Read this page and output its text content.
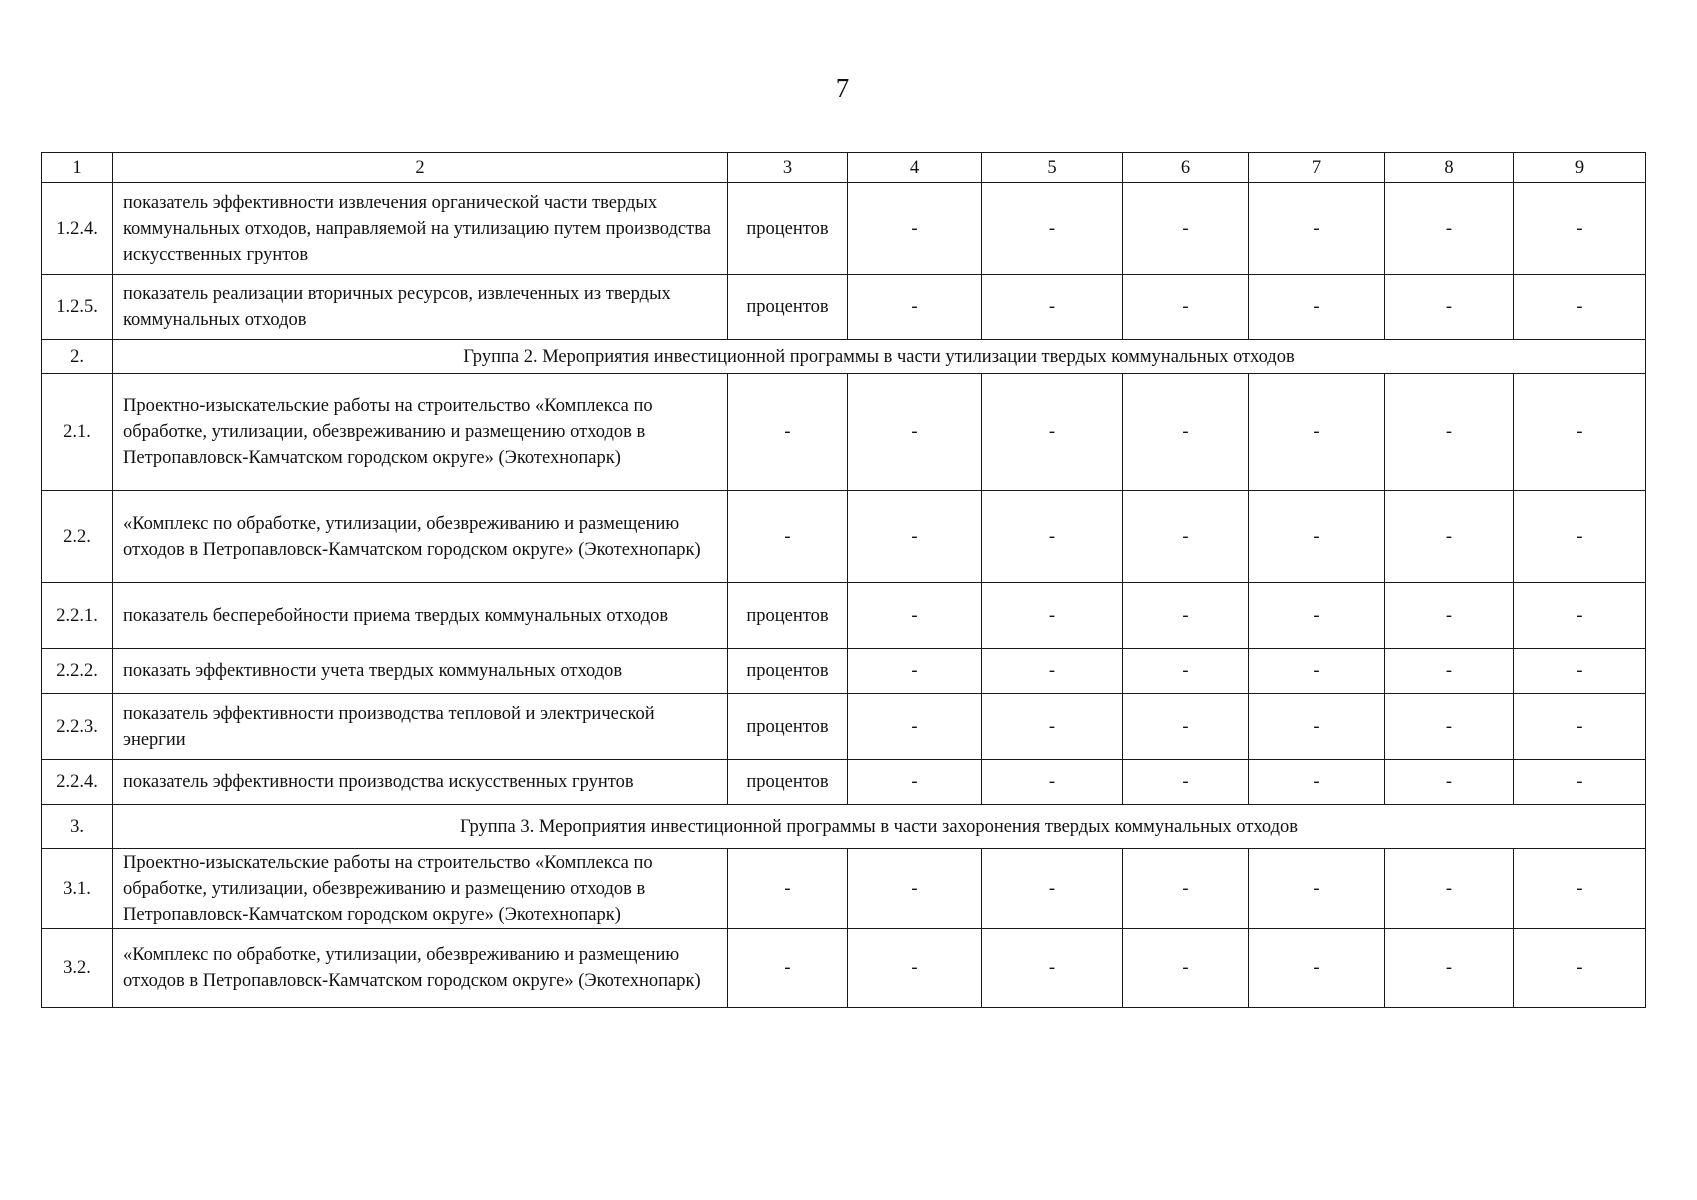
7
1	2	3	4	5	6	7	8	9
1.2.4.	показатель эффективности извлечения органической части твердых коммунальных отходов, направляемой на утилизацию путем производства искусственных грунтов	процентов	-	-	-	-	-	-
1.2.5.	показатель реализации вторичных ресурсов, извлеченных из твердых коммунальных отходов	процентов	-	-	-	-	-	-
2.	Группа 2. Мероприятия инвестиционной программы в части утилизации твердых коммунальных отходов							
2.1.	Проектно-изыскательские работы на строительство «Комплекса по обработке, утилизации, обезвреживанию и размещению отходов в Петропавловск-Камчатском городском округе» (Экотехнопарк)	-	-	-	-	-	-	-
2.2.	«Комплекс по обработке, утилизации, обезвреживанию и размещению отходов в Петропавловск-Камчатском городском округе» (Экотехнопарк)	-	-	-	-	-	-	-
2.2.1.	показатель бесперебойности приема твердых коммунальных отходов	процентов	-	-	-	-	-	-
2.2.2.	показать эффективности учета твердых коммунальных отходов	процентов	-	-	-	-	-	-
2.2.3.	показатель эффективности производства тепловой и электрической энергии	процентов	-	-	-	-	-	-
2.2.4.	показатель эффективности производства искусственных грунтов	процентов	-	-	-	-	-	-
3.	Группа 3. Мероприятия инвестиционной программы в части захоронения твердых коммунальных отходов							
3.1.	Проектно-изыскательские работы на строительство «Комплекса по обработке, утилизации, обезвреживанию и размещению отходов в Петропавловск-Камчатском городском округе» (Экотехнопарк)	-	-	-	-	-	-	-
3.2.	«Комплекс по обработке, утилизации, обезвреживанию и размещению отходов в Петропавловск-Камчатском городском округе» (Экотехнопарк)	-	-	-	-	-	-	-
